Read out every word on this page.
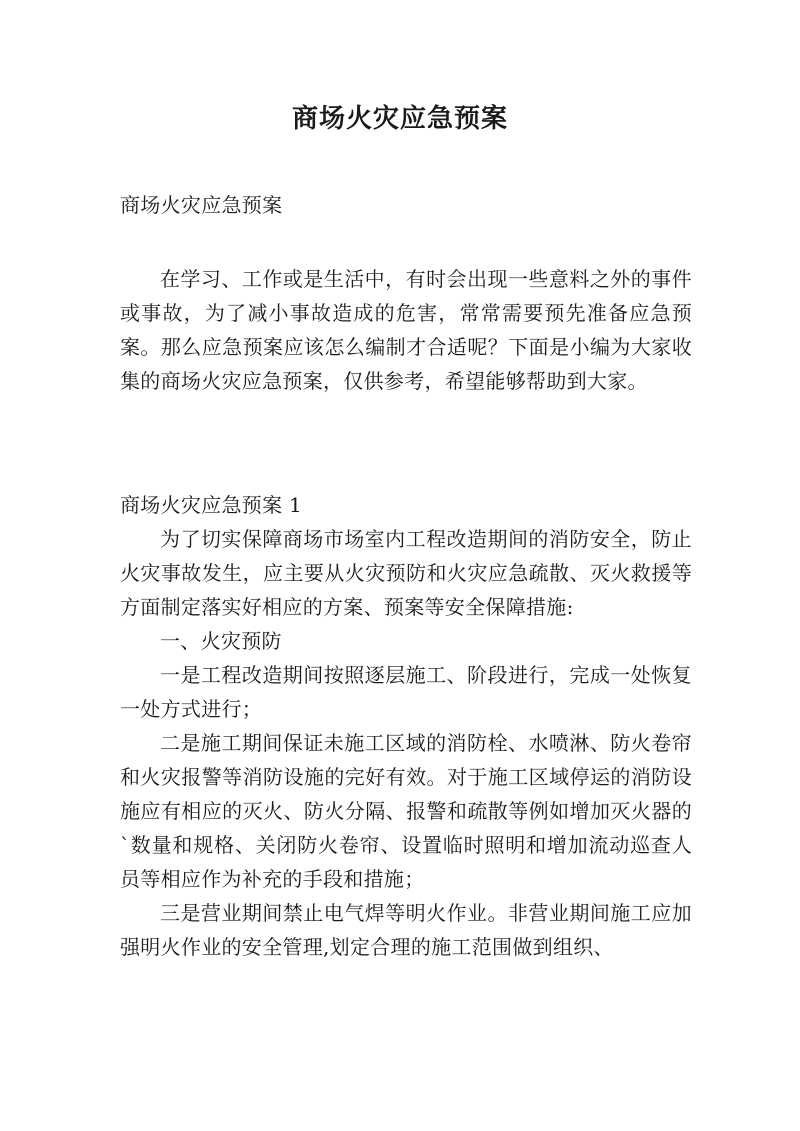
商场火灾应急预案
商场火灾应急预案

在学习、工作或是生活中，有时会出现一些意料之外的事件或事故，为了减小事故造成的危害，常常需要预先准备应急预案。那么应急预案应该怎么编制才合适呢？下面是小编为大家收集的商场火灾应急预案，仅供参考，希望能够帮助到大家。

商场火灾应急预案 1

为了切实保障商场市场室内工程改造期间的消防安全，防止火灾事故发生，应主要从火灾预防和火灾应急疏散、灭火救援等方面制定落实好相应的方案、预案等安全保障措施:

一、火灾预防

一是工程改造期间按照逐层施工、阶段进行，完成一处恢复一处方式进行；

二是施工期间保证未施工区域的消防栓、水喷淋、防火卷帘和火灾报警等消防设施的完好有效。对于施工区域停运的消防设施应有相应的灭火、防火分隔、报警和疏散等例如增加灭火器的`数量和规格、关闭防火卷帘、设置临时照明和增加流动巡查人员等相应作为补充的手段和措施；

三是营业期间禁止电气焊等明火作业。非营业期间施工应加强明火作业的安全管理,划定合理的施工范围做到组织、
